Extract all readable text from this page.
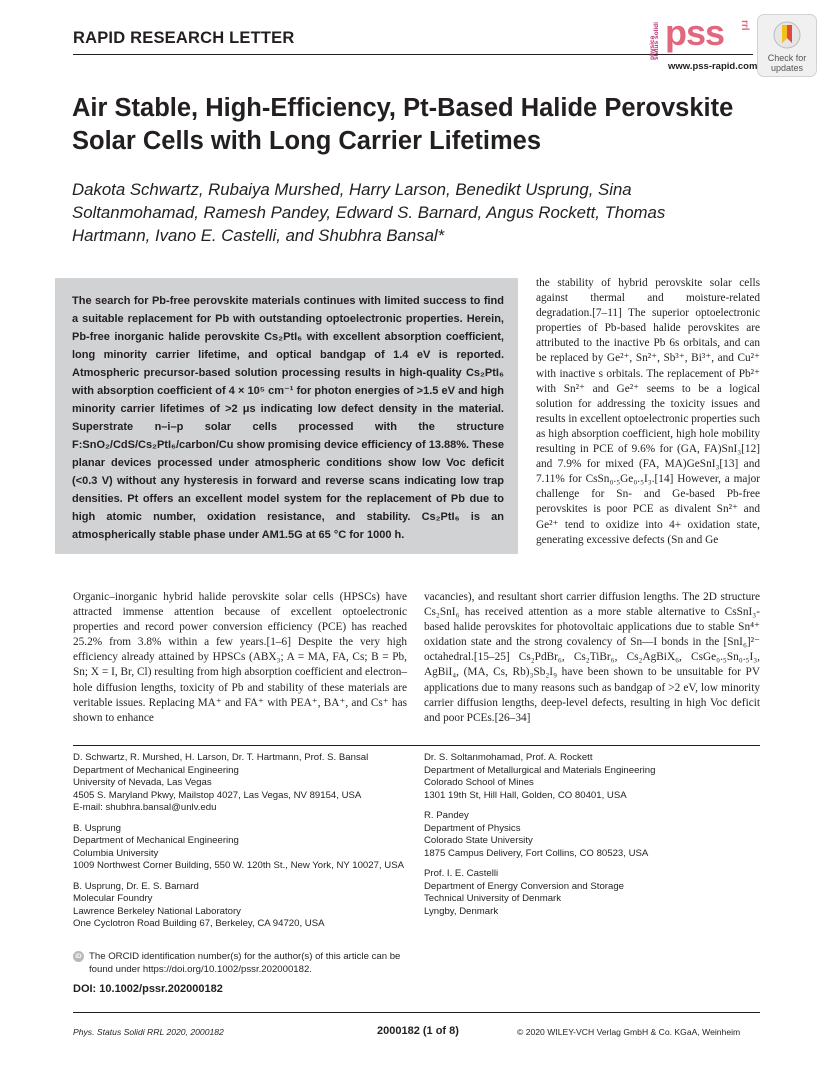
RAPID RESEARCH LETTER	physica status solidi pss rrl
www.pss-rapid.com
Check for updates
Air Stable, High-Efficiency, Pt-Based Halide Perovskite Solar Cells with Long Carrier Lifetimes
Dakota Schwartz, Rubaiya Murshed, Harry Larson, Benedikt Usprung, Sina Soltanmohamad, Ramesh Pandey, Edward S. Barnard, Angus Rockett, Thomas Hartmann, Ivano E. Castelli, and Shubhra Bansal*
The search for Pb-free perovskite materials continues with limited success to find a suitable replacement for Pb with outstanding optoelectronic properties. Herein, Pb-free inorganic halide perovskite Cs₂PtI₆ with excellent absorption coefficient, long minority carrier lifetime, and optical bandgap of 1.4 eV is reported. Atmospheric precursor-based solution processing results in high-quality Cs₂PtI₆ with absorption coefficient of 4 × 10⁵ cm⁻¹ for photon energies of >1.5 eV and high minority carrier lifetimes of >2 μs indicating low defect density in the material. Superstrate n–i–p solar cells processed with the structure F:SnO₂/CdS/Cs₂PtI₆/carbon/Cu show promising device efficiency of 13.88%. These planar devices processed under atmospheric conditions show low Voc deficit (<0.3 V) without any hysteresis in forward and reverse scans indicating low trap densities. Pt offers an excellent model system for the replacement of Pb due to high atomic number, oxidation resistance, and stability. Cs₂PtI₆ is an atmospherically stable phase under AM1.5G at 65 °C for 1000 h.
the stability of hybrid perovskite solar cells against thermal and moisture-related degradation.[7–11] The superior optoelectronic properties of Pb-based halide perovskites are attributed to the inactive Pb 6s orbitals, and can be replaced by Ge²⁺, Sn²⁺, Sb³⁺, Bi³⁺, and Cu²⁺ with inactive s orbitals. The replacement of Pb²⁺ with Sn²⁺ and Ge²⁺ seems to be a logical solution for addressing the toxicity issues and results in excellent optoelectronic properties such as high absorption coefficient, high hole mobility resulting in PCE of 9.6% for (GA, FA)SnI₃[12] and 7.9% for mixed (FA, MA)GeSnI₃[13] and 7.11% for CsSn₀.₅Ge₀.₅I₃.[14] However, a major challenge for Sn- and Ge-based Pb-free perovskites is poor PCE as divalent Sn²⁺ and Ge²⁺ tend to oxidize into 4+ oxidation state, generating excessive defects (Sn and Ge
Organic–inorganic hybrid halide perovskite solar cells (HPSCs) have attracted immense attention because of excellent optoelectronic properties and record power conversion efficiency (PCE) has reached 25.2% from 3.8% within a few years.[1–6] Despite the very high efficiency already attained by HPSCs (ABX₃; A = MA, FA, Cs; B = Pb, Sn; X = I, Br, Cl) resulting from high absorption coefficient and electron–hole diffusion lengths, toxicity of Pb and stability of these materials are veritable issues. Replacing MA⁺ and FA⁺ with PEA⁺, BA⁺, and Cs⁺ has shown to enhance
vacancies), and resultant short carrier diffusion lengths. The 2D structure Cs₂SnI₆ has received attention as a more stable alternative to CsSnI₃-based halide perovskites for photovoltaic applications due to stable Sn⁴⁺ oxidation state and the strong covalency of Sn—I bonds in the [SnI₆]²⁻ octahedral.[15–25] Cs₂PdBr₆, Cs₂TiBr₆, Cs₂AgBiX₆, CsGe₀.₅Sn₀.₅I₃, AgBiI₄, (MA, Cs, Rb)₃Sb₂I₉ have been shown to be unsuitable for PV applications due to many reasons such as bandgap of >2 eV, low minority carrier diffusion lengths, deep-level defects, resulting in high Voc deficit and poor PCEs.[26–34]
D. Schwartz, R. Murshed, H. Larson, Dr. T. Hartmann, Prof. S. Bansal
Department of Mechanical Engineering
University of Nevada, Las Vegas
4505 S. Maryland Pkwy, Mailstop 4027, Las Vegas, NV 89154, USA
E-mail: shubhra.bansal@unlv.edu
B. Usprung
Department of Mechanical Engineering
Columbia University
1009 Northwest Corner Building, 550 W. 120th St., New York, NY 10027, USA
B. Usprung, Dr. E. S. Barnard
Molecular Foundry
Lawrence Berkeley National Laboratory
One Cyclotron Road Building 67, Berkeley, CA 94720, USA
Dr. S. Soltanmohamad, Prof. A. Rockett
Department of Metallurgical and Materials Engineering
Colorado School of Mines
1301 19th St, Hill Hall, Golden, CO 80401, USA
R. Pandey
Department of Physics
Colorado State University
1875 Campus Delivery, Fort Collins, CO 80523, USA
Prof. I. E. Castelli
Department of Energy Conversion and Storage
Technical University of Denmark
Lyngby, Denmark
iD The ORCID identification number(s) for the author(s) of this article can be found under https://doi.org/10.1002/pssr.202000182.
DOI: 10.1002/pssr.202000182
Phys. Status Solidi RRL 2020, 2000182	2000182 (1 of 8)	© 2020 WILEY-VCH Verlag GmbH & Co. KGaA, Weinheim
